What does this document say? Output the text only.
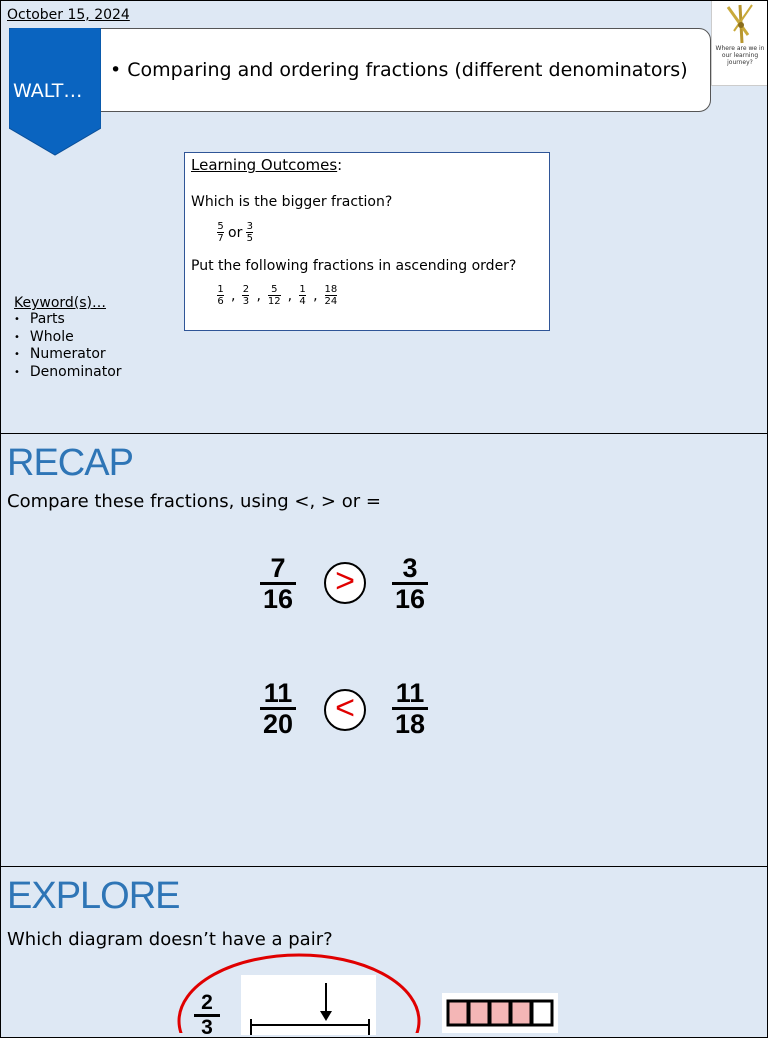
October 15, 2024
• Comparing and ordering fractions (different denominators)
WALT…
Where are we in our learning journey?
Learning Outcomes:
Which is the bigger fraction?
5
7 or 3
5
Put the following fractions in ascending order?
1
6 , 2
3 , 5
12 , 1
4 , 18
24
Keyword(s)…
• Parts
• Whole
• Numerator
• Denominator
RECAP
Compare these fractions, using <, > or =
7
16	>	3
16
11
20	<	11
18
EXPLORE
Which diagram doesn’t have a pair?
2
3
